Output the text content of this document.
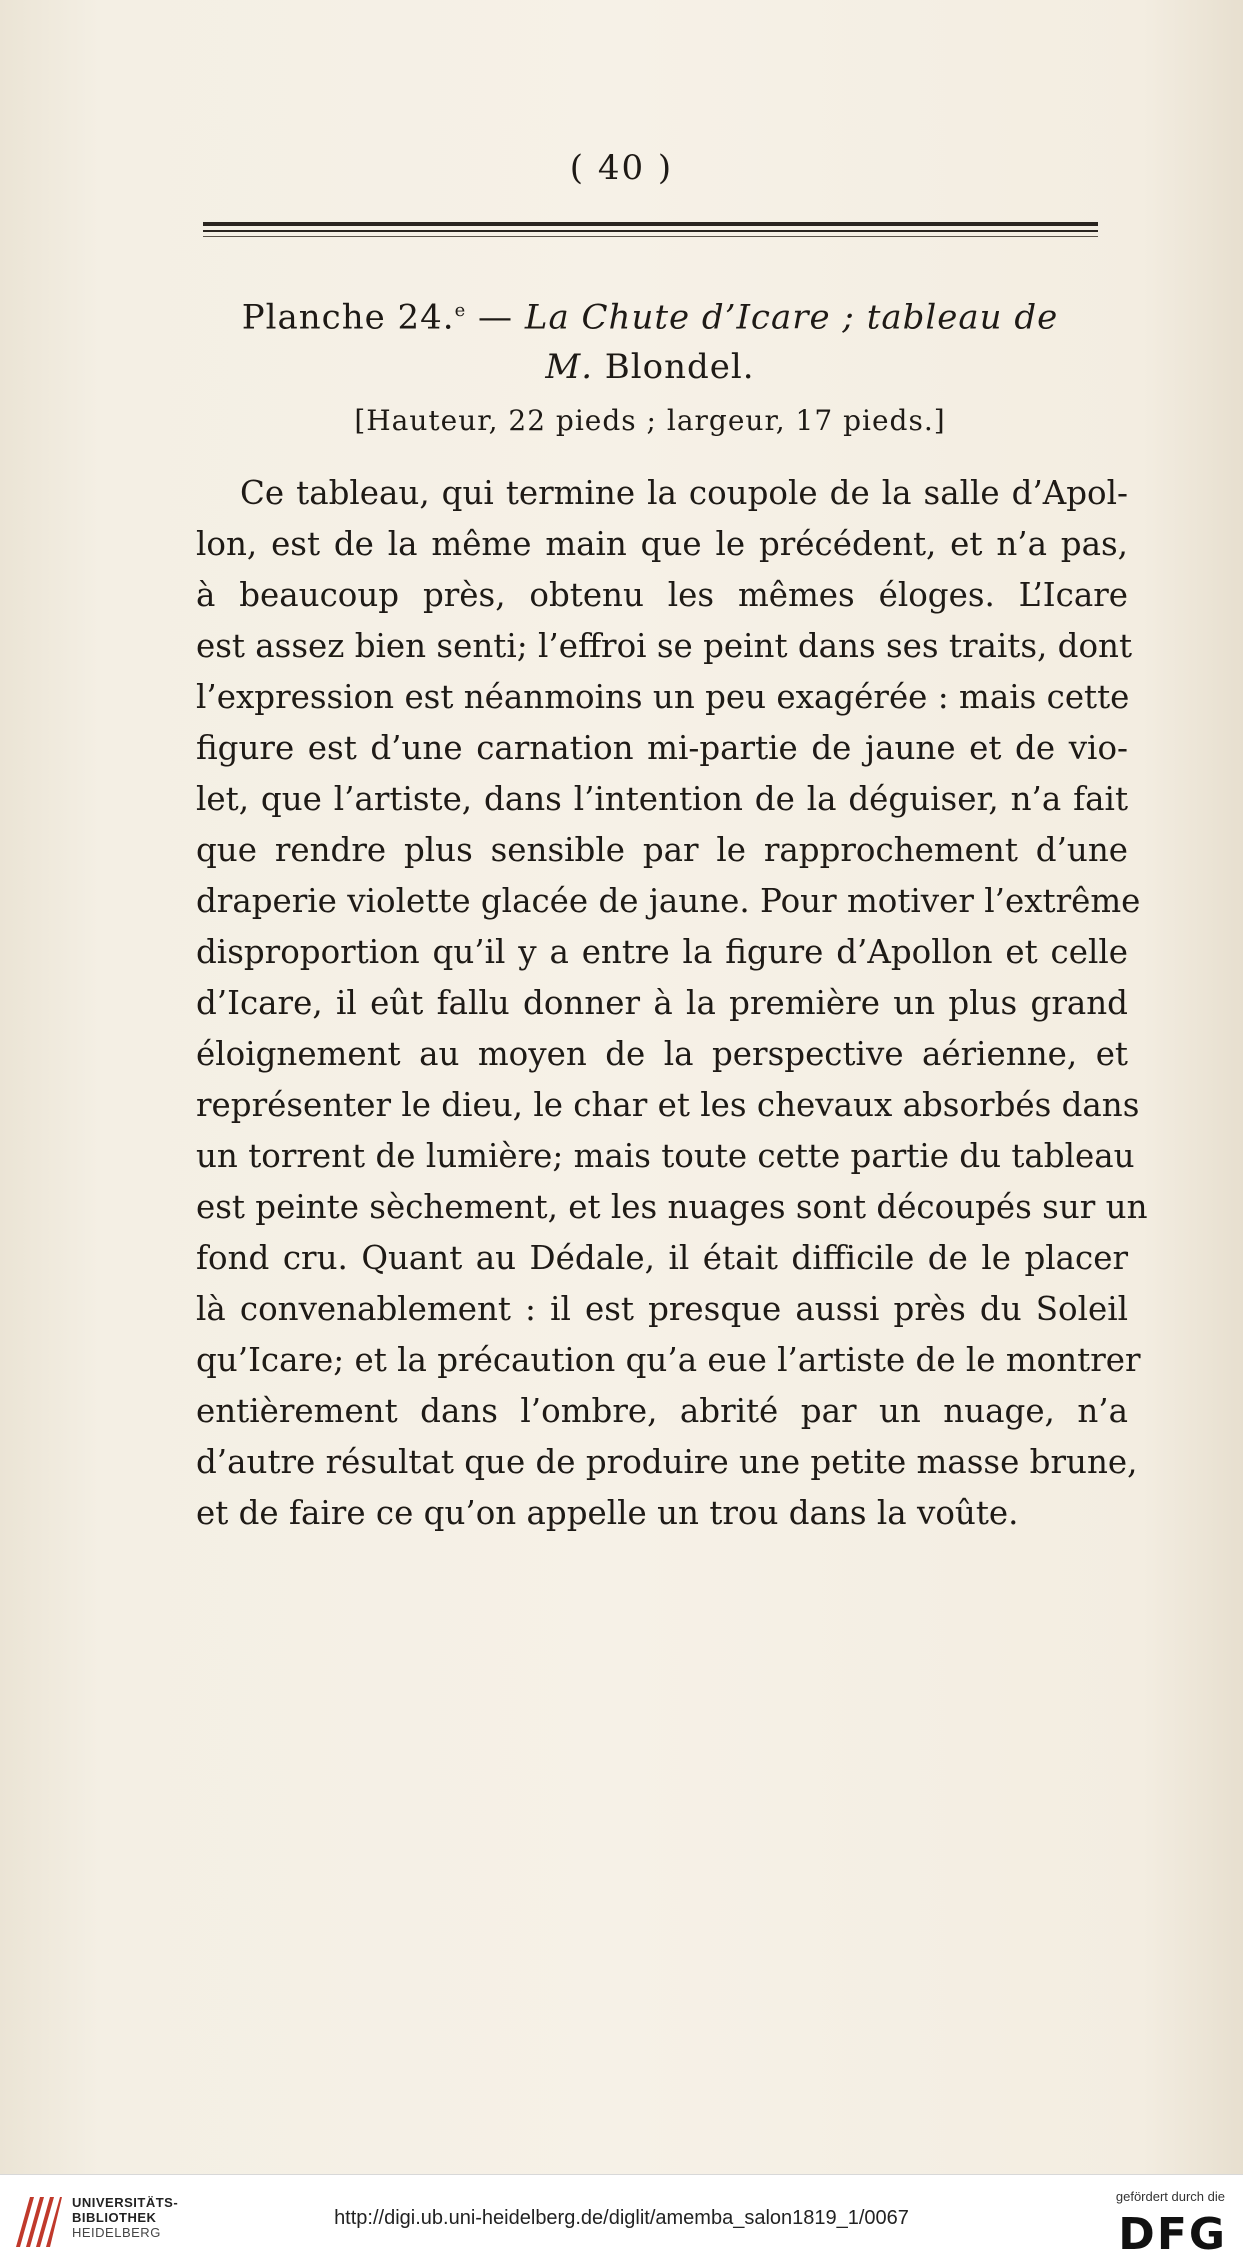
( 40 )
Planche 24.$^e$ — La Chute d’Icare ; tableau de
M. Blondel.
[Hauteur, 22 pieds ; largeur, 17 pieds.]
Ce tableau, qui termine la coupole de la salle d’Apol-
lon, est de la même main que le précédent, et n’a pas,
à beaucoup près, obtenu les mêmes éloges. L’Icare
est assez bien senti; l’effroi se peint dans ses traits, dont
l’expression est néanmoins un peu exagérée : mais cette
figure est d’une carnation mi-partie de jaune et de vio-
let, que l’artiste, dans l’intention de la déguiser, n’a fait
que rendre plus sensible par le rapprochement d’une
draperie violette glacée de jaune. Pour motiver l’extrême
disproportion qu’il y a entre la figure d’Apollon et celle
d’Icare, il eût fallu donner à la première un plus grand
éloignement au moyen de la perspective aérienne, et
représenter le dieu, le char et les chevaux absorbés dans
un torrent de lumière; mais toute cette partie du tableau
est peinte sèchement, et les nuages sont découpés sur un
fond cru. Quant au Dédale, il était difficile de le placer
là convenablement : il est presque aussi près du Soleil
qu’Icare; et la précaution qu’a eue l’artiste de le montrer
entièrement dans l’ombre, abrité par un nuage, n’a
d’autre résultat que de produire une petite masse brune,
et de faire ce qu’on appelle un trou dans la voûte.
UNIVERSITÄTS-
BIBLIOTHEK
HEIDELBERG
http://digi.ub.uni-heidelberg.de/diglit/amemba_salon1819_1/0067
gefördert durch die
DFG
